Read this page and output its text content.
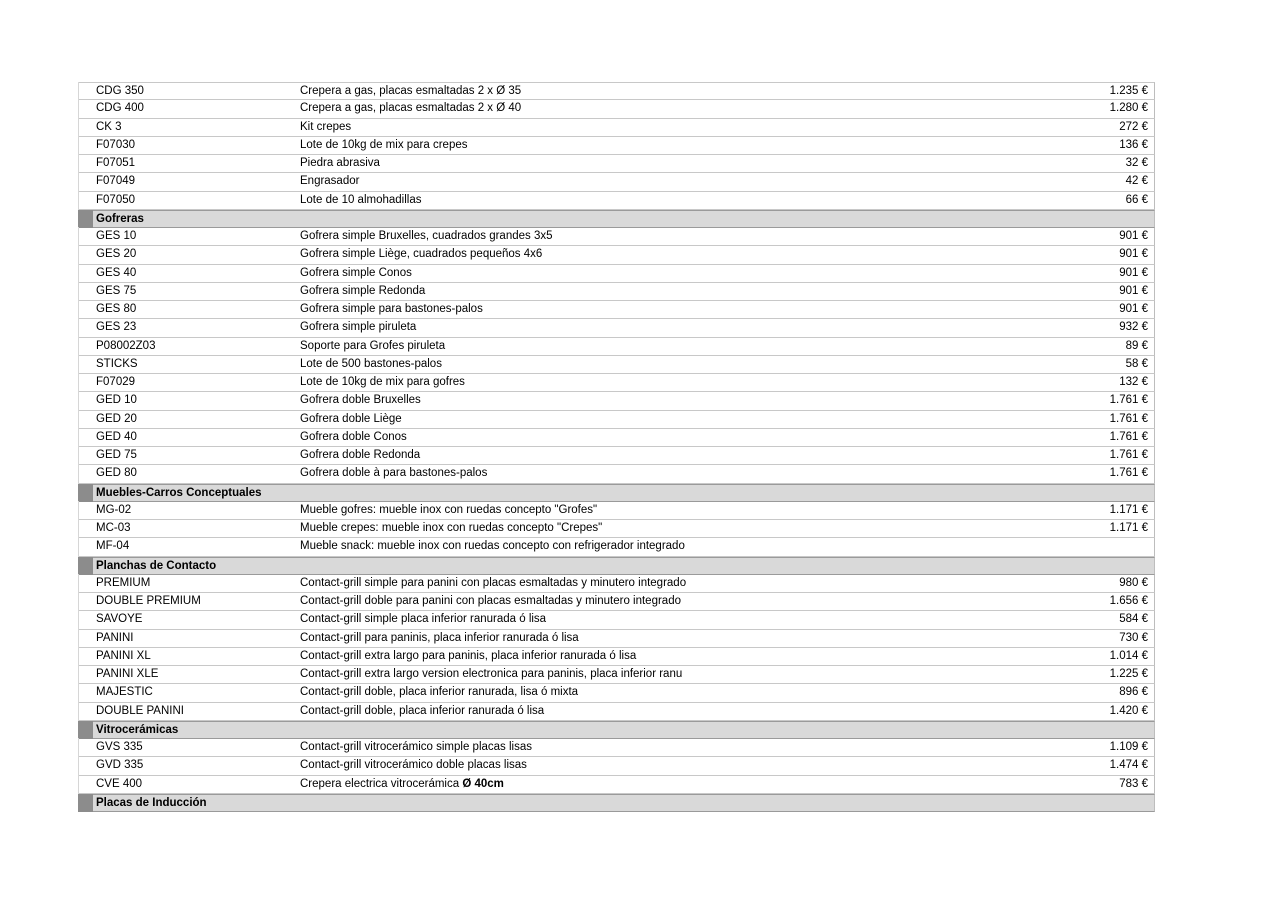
CDG 350	Crepera a gas, placas esmaltadas 2 x Ø 35	1.235 €
CDG 400	Crepera a gas, placas esmaltadas 2 x Ø 40	1.280 €
CK 3	Kit crepes	272 €
F07030	Lote de 10kg de mix para crepes	136 €
F07051	Piedra abrasiva	32 €
F07049	Engrasador	42 €
F07050	Lote de 10 almohadillas	66 €
Gofreras
GES 10	Gofrera simple Bruxelles, cuadrados grandes 3x5	901 €
GES 20	Gofrera simple Liège, cuadrados pequeños 4x6	901 €
GES 40	Gofrera simple Conos	901 €
GES 75	Gofrera simple Redonda	901 €
GES 80	Gofrera simple para bastones-palos	901 €
GES 23	Gofrera simple piruleta	932 €
P08002Z03	Soporte para Grofes piruleta	89 €
STICKS	Lote de 500 bastones-palos	58 €
F07029	Lote de 10kg de mix para gofres	132 €
GED 10	Gofrera doble Bruxelles	1.761 €
GED 20	Gofrera doble Liège	1.761 €
GED 40	Gofrera doble Conos	1.761 €
GED 75	Gofrera doble Redonda	1.761 €
GED 80	Gofrera doble à para bastones-palos	1.761 €
Muebles-Carros Conceptuales
MG-02	Mueble gofres: mueble inox con ruedas concepto "Grofes"	1.171 €
MC-03	Mueble crepes: mueble inox con ruedas concepto "Crepes"	1.171 €
MF-04	Mueble snack: mueble inox con ruedas concepto con refrigerador integrado
Planchas de Contacto
PREMIUM	Contact-grill simple para panini con placas esmaltadas y minutero integrado	980 €
DOUBLE PREMIUM	Contact-grill doble para panini con placas esmaltadas y minutero integrado	1.656 €
SAVOYE	Contact-grill simple placa inferior ranurada ó lisa	584 €
PANINI	Contact-grill para paninis, placa inferior ranurada ó lisa	730 €
PANINI XL	Contact-grill extra largo para paninis, placa inferior ranurada ó lisa	1.014 €
PANINI XLE	Contact-grill extra largo version electronica para paninis, placa inferior ranu	1.225 €
MAJESTIC	Contact-grill doble, placa inferior ranurada, lisa ó mixta	896 €
DOUBLE PANINI	Contact-grill doble, placa inferior ranurada ó lisa	1.420 €
Vitrocerámicas
GVS 335	Contact-grill vitrocerámico simple placas lisas	1.109 €
GVD 335	Contact-grill vitrocerámico doble placas lisas	1.474 €
CVE 400	Crepera electrica vitrocerámica Ø 40cm	783 €
Placas de Inducción
